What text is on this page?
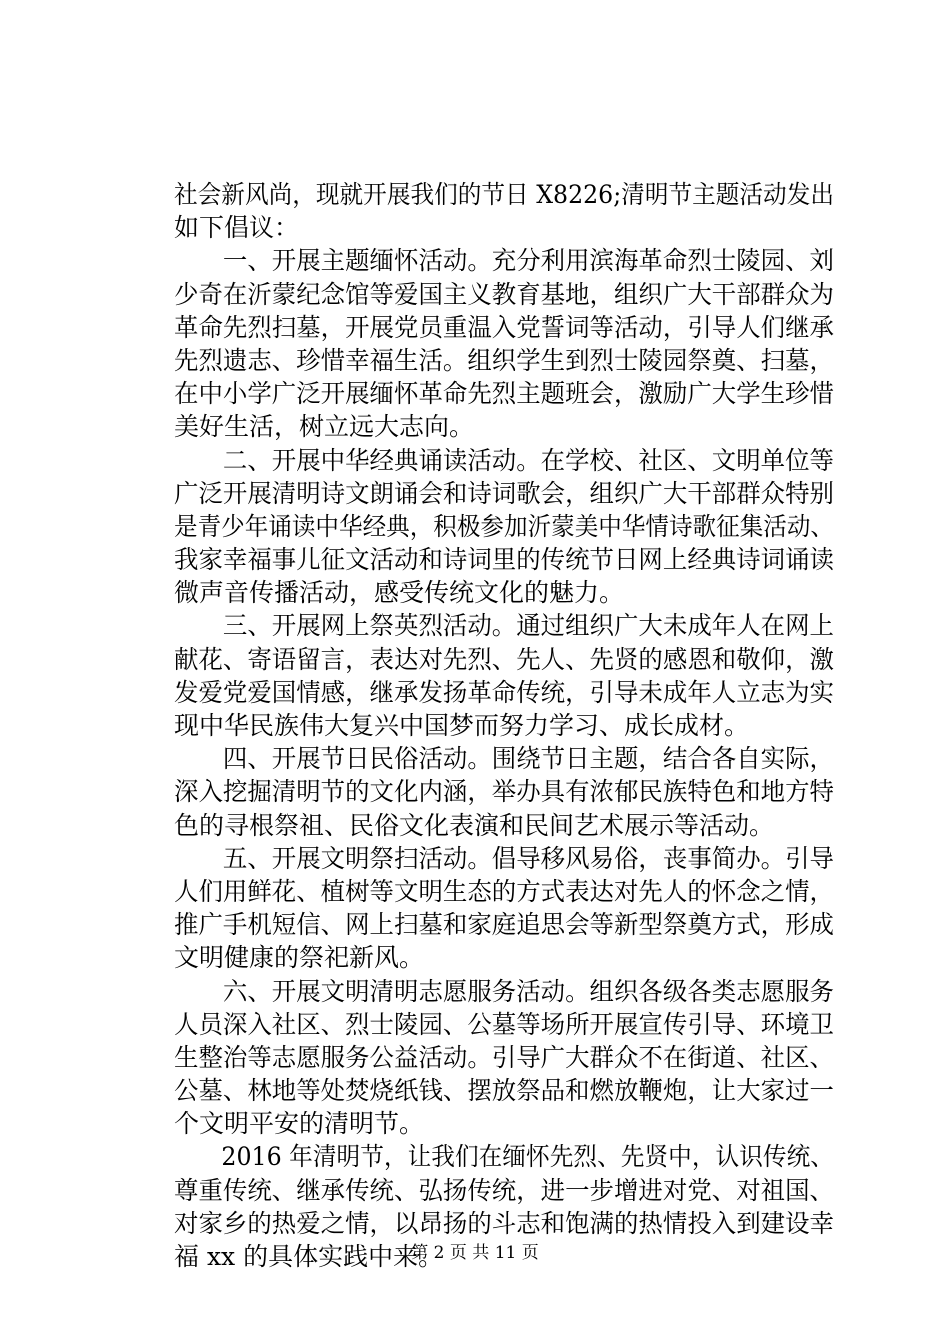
社会新风尚，现就开展我们的节日 X8226;清明节主题活动发出
如下倡议：
　　一、开展主题缅怀活动。充分利用滨海革命烈士陵园、刘
少奇在沂蒙纪念馆等爱国主义教育基地，组织广大干部群众为
革命先烈扫墓，开展党员重温入党誓词等活动，引导人们继承
先烈遗志、珍惜幸福生活。组织学生到烈士陵园祭奠、扫墓，
在中小学广泛开展缅怀革命先烈主题班会，激励广大学生珍惜
美好生活，树立远大志向。
　　二、开展中华经典诵读活动。在学校、社区、文明单位等
广泛开展清明诗文朗诵会和诗词歌会，组织广大干部群众特别
是青少年诵读中华经典，积极参加沂蒙美中华情诗歌征集活动、
我家幸福事儿征文活动和诗词里的传统节日网上经典诗词诵读
微声音传播活动，感受传统文化的魅力。
　　三、开展网上祭英烈活动。通过组织广大未成年人在网上
献花、寄语留言，表达对先烈、先人、先贤的感恩和敬仰，激
发爱党爱国情感，继承发扬革命传统，引导未成年人立志为实
现中华民族伟大复兴中国梦而努力学习、成长成材。
　　四、开展节日民俗活动。围绕节日主题，结合各自实际，
深入挖掘清明节的文化内涵，举办具有浓郁民族特色和地方特
色的寻根祭祖、民俗文化表演和民间艺术展示等活动。
　　五、开展文明祭扫活动。倡导移风易俗，丧事简办。引导
人们用鲜花、植树等文明生态的方式表达对先人的怀念之情，
推广手机短信、网上扫墓和家庭追思会等新型祭奠方式，形成
文明健康的祭祀新风。
　　六、开展文明清明志愿服务活动。组织各级各类志愿服务
人员深入社区、烈士陵园、公墓等场所开展宣传引导、环境卫
生整治等志愿服务公益活动。引导广大群众不在街道、社区、
公墓、林地等处焚烧纸钱、摆放祭品和燃放鞭炮，让大家过一
个文明平安的清明节。
　　2016 年清明节，让我们在缅怀先烈、先贤中，认识传统、
尊重传统、继承传统、弘扬传统，进一步增进对党、对祖国、
对家乡的热爱之情，以昂扬的斗志和饱满的热情投入到建设幸
福 xx 的具体实践中来。
第 2 页 共 11 页
